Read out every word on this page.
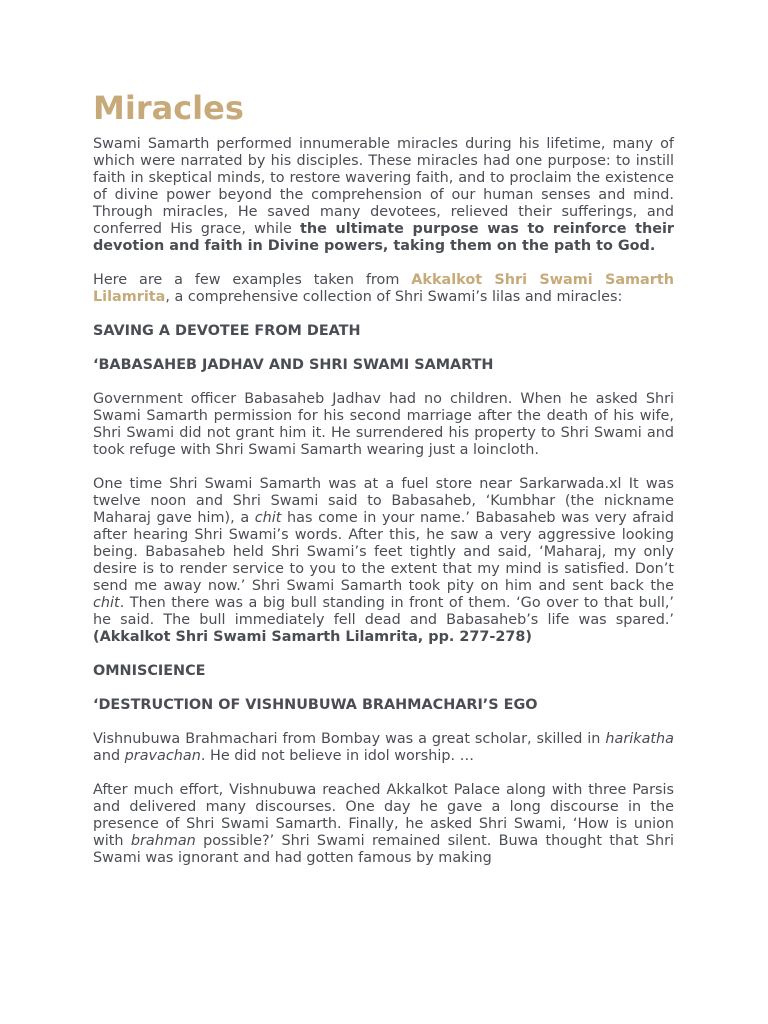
Miracles

Swami Samarth performed innumerable miracles during his lifetime, many of which were narrated by his disciples. These miracles had one purpose: to instill faith in skeptical minds, to restore wavering faith, and to proclaim the existence of divine power beyond the comprehension of our human senses and mind. Through miracles, He saved many devotees, relieved their sufferings, and conferred His grace, while the ultimate purpose was to reinforce their devotion and faith in Divine powers, taking them on the path to God.

Here are a few examples taken from Akkalkot Shri Swami Samarth Lilamrita, a comprehensive collection of Shri Swami’s lilas and miracles:

SAVING A DEVOTEE FROM DEATH

‘BABASAHEB JADHAV AND SHRI SWAMI SAMARTH

Government officer Babasaheb Jadhav had no children. When he asked Shri Swami Samarth permission for his second marriage after the death of his wife, Shri Swami did not grant him it. He surrendered his property to Shri Swami and took refuge with Shri Swami Samarth wearing just a loincloth.

One time Shri Swami Samarth was at a fuel store near Sarkarwada.xl It was twelve noon and Shri Swami said to Babasaheb, ‘Kumbhar (the nickname Maharaj gave him), a chit has come in your name.’ Babasaheb was very afraid after hearing Shri Swami’s words. After this, he saw a very aggressive looking being. Babasaheb held Shri Swami’s feet tightly and said, ‘Maharaj, my only desire is to render service to you to the extent that my mind is satisfied. Don’t send me away now.’ Shri Swami Samarth took pity on him and sent back the chit. Then there was a big bull standing in front of them. ‘Go over to that bull,’ he said. The bull immediately fell dead and Babasaheb’s life was spared.’ (Akkalkot Shri Swami Samarth Lilamrita, pp. 277-278)

OMNISCIENCE

‘DESTRUCTION OF VISHNUBUWA BRAHMACHARI’S EGO

Vishnubuwa Brahmachari from Bombay was a great scholar, skilled in harikatha and pravachan. He did not believe in idol worship. …

After much effort, Vishnubuwa reached Akkalkot Palace along with three Parsis and delivered many discourses. One day he gave a long discourse in the presence of Shri Swami Samarth. Finally, he asked Shri Swami, ‘How is union with brahman possible?’ Shri Swami remained silent. Buwa thought that Shri Swami was ignorant and had gotten famous by making
